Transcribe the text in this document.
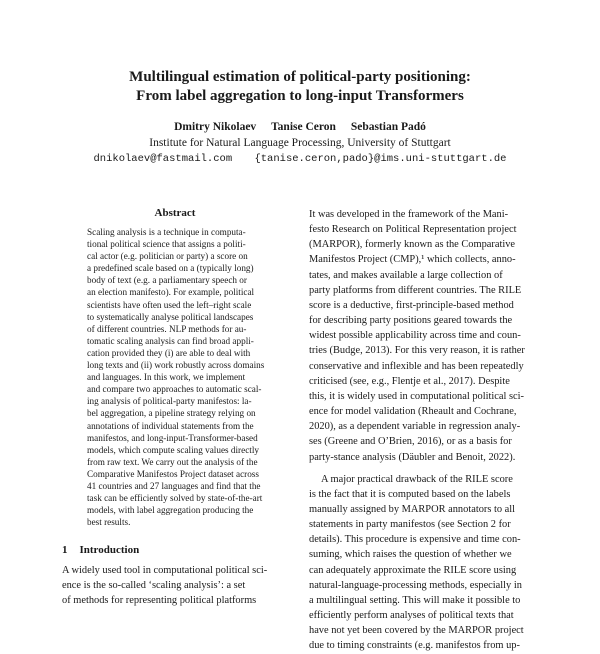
Multilingual estimation of political-party positioning:
From label aggregation to long-input Transformers
Dmitry Nikolaev Tanise Ceron Sebastian Padó
Institute for Natural Language Processing, University of Stuttgart
dnikolaev@fastmail.com {tanise.ceron,pado}@ims.uni-stuttgart.de
Abstract
Scaling analysis is a technique in computa-
tional political science that assigns a politi-
cal actor (e.g. politician or party) a score on
a predefined scale based on a (typically long)
body of text (e.g. a parliamentary speech or
an election manifesto). For example, political
scientists have often used the left–right scale
to systematically analyse political landscapes
of different countries. NLP methods for au-
tomatic scaling analysis can find broad appli-
cation provided they (i) are able to deal with
long texts and (ii) work robustly across domains
and languages. In this work, we implement
and compare two approaches to automatic scal-
ing analysis of political-party manifestos: la-
bel aggregation, a pipeline strategy relying on
annotations of individual statements from the
manifestos, and long-input-Transformer-based
models, which compute scaling values directly
from raw text. We carry out the analysis of the
Comparative Manifestos Project dataset across
41 countries and 27 languages and find that the
task can be efficiently solved by state-of-the-art
models, with label aggregation producing the
best results.
1 Introduction
A widely used tool in computational political sci-
ence is the so-called ‘scaling analysis’: a set
of methods for representing political platforms
It was developed in the framework of the Mani-
festo Research on Political Representation project
(MARPOR), formerly known as the Comparative
Manifestos Project (CMP),¹ which collects, anno-
tates, and makes available a large collection of
party platforms from different countries. The RILE
score is a deductive, first-principle-based method
for describing party positions geared towards the
widest possible applicability across time and coun-
tries (Budge, 2013). For this very reason, it is rather
conservative and inflexible and has been repeatedly
criticised (see, e.g., Flentje et al., 2017). Despite
this, it is widely used in computational political sci-
ence for model validation (Rheault and Cochrane,
2020), as a dependent variable in regression analy-
ses (Greene and O’Brien, 2016), or as a basis for
party-stance analysis (Däubler and Benoit, 2022).
A major practical drawback of the RILE score
is the fact that it is computed based on the labels
manually assigned by MARPOR annotators to all
statements in party manifestos (see Section 2 for
details). This procedure is expensive and time con-
suming, which raises the question of whether we
can adequately approximate the RILE score using
natural-language-processing methods, especially in
a multilingual setting. This will make it possible to
efficiently perform analyses of political texts that
have not yet been covered by the MARPOR project
due to timing constraints (e.g. manifestos from up-
